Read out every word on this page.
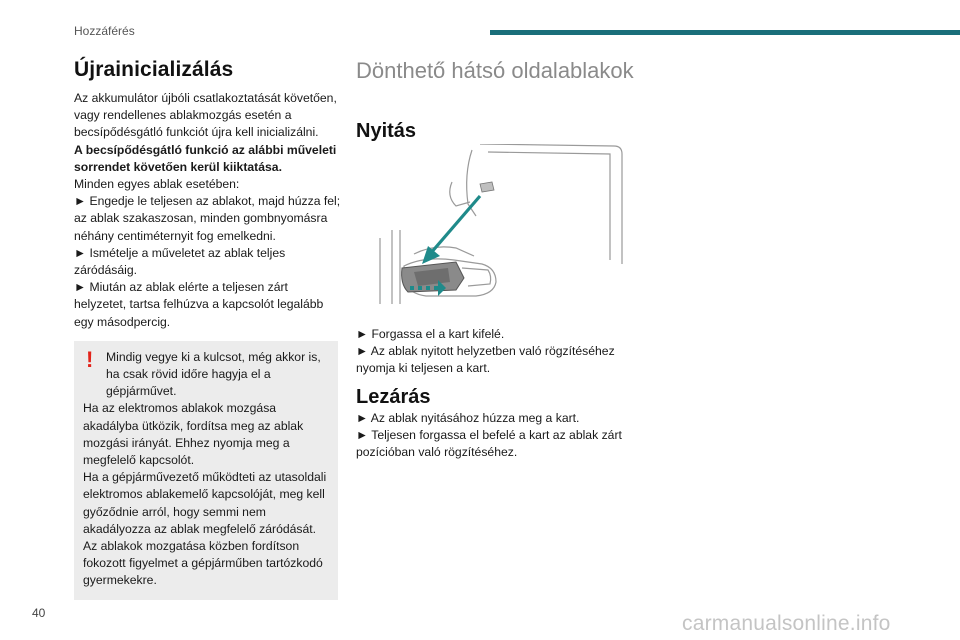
Hozzáférés
Újrainicializálás

Az akkumulátor újbóli csatlakoztatását követően, vagy rendellenes ablakmozgás esetén a becsípődésgátló funkciót újra kell inicializálni.

A becsípődésgátló funkció az alábbi műveleti sorrendet követően kerül kiiktatása.

Minden egyes ablak esetében:

► Engedje le teljesen az ablakot, majd húzza fel; az ablak szakaszosan, minden gombnyomásra néhány centiméternyit fog emelkedni.

► Ismételje a műveletet az ablak teljes záródásáig.

► Miután az ablak elérte a teljesen zárt helyzetet, tartsa felhúzva a kapcsolót legalább egy másodpercig.

!	Mindig vegye ki a kulcsot, még akkor is, ha csak rövid időre hagyja el a gépjárművet.

Ha az elektromos ablakok mozgása akadályba ütközik, fordítsa meg az ablak mozgási irányát. Ehhez nyomja meg a megfelelő kapcsolót.

Ha a gépjárművezető működteti az utasoldali elektromos ablakemelő kapcsolóját, meg kell győződnie arról, hogy semmi nem akadályozza az ablak megfelelő záródását.

Az ablakok mozgatása közben fordítson fokozott figyelmet a gépjárműben tartózkodó gyermekekre.

Dönthető hátsó oldalablakok
Nyitás

► Forgassa el a kart kifelé.

► Az ablak nyitott helyzetben való rögzítéséhez nyomja ki teljesen a kart.

Lezárás

► Az ablak nyitásához húzza meg a kart.

► Teljesen forgassa el befelé a kart az ablak zárt pozícióban való rögzítéséhez.

40	carmanualsonline.info
